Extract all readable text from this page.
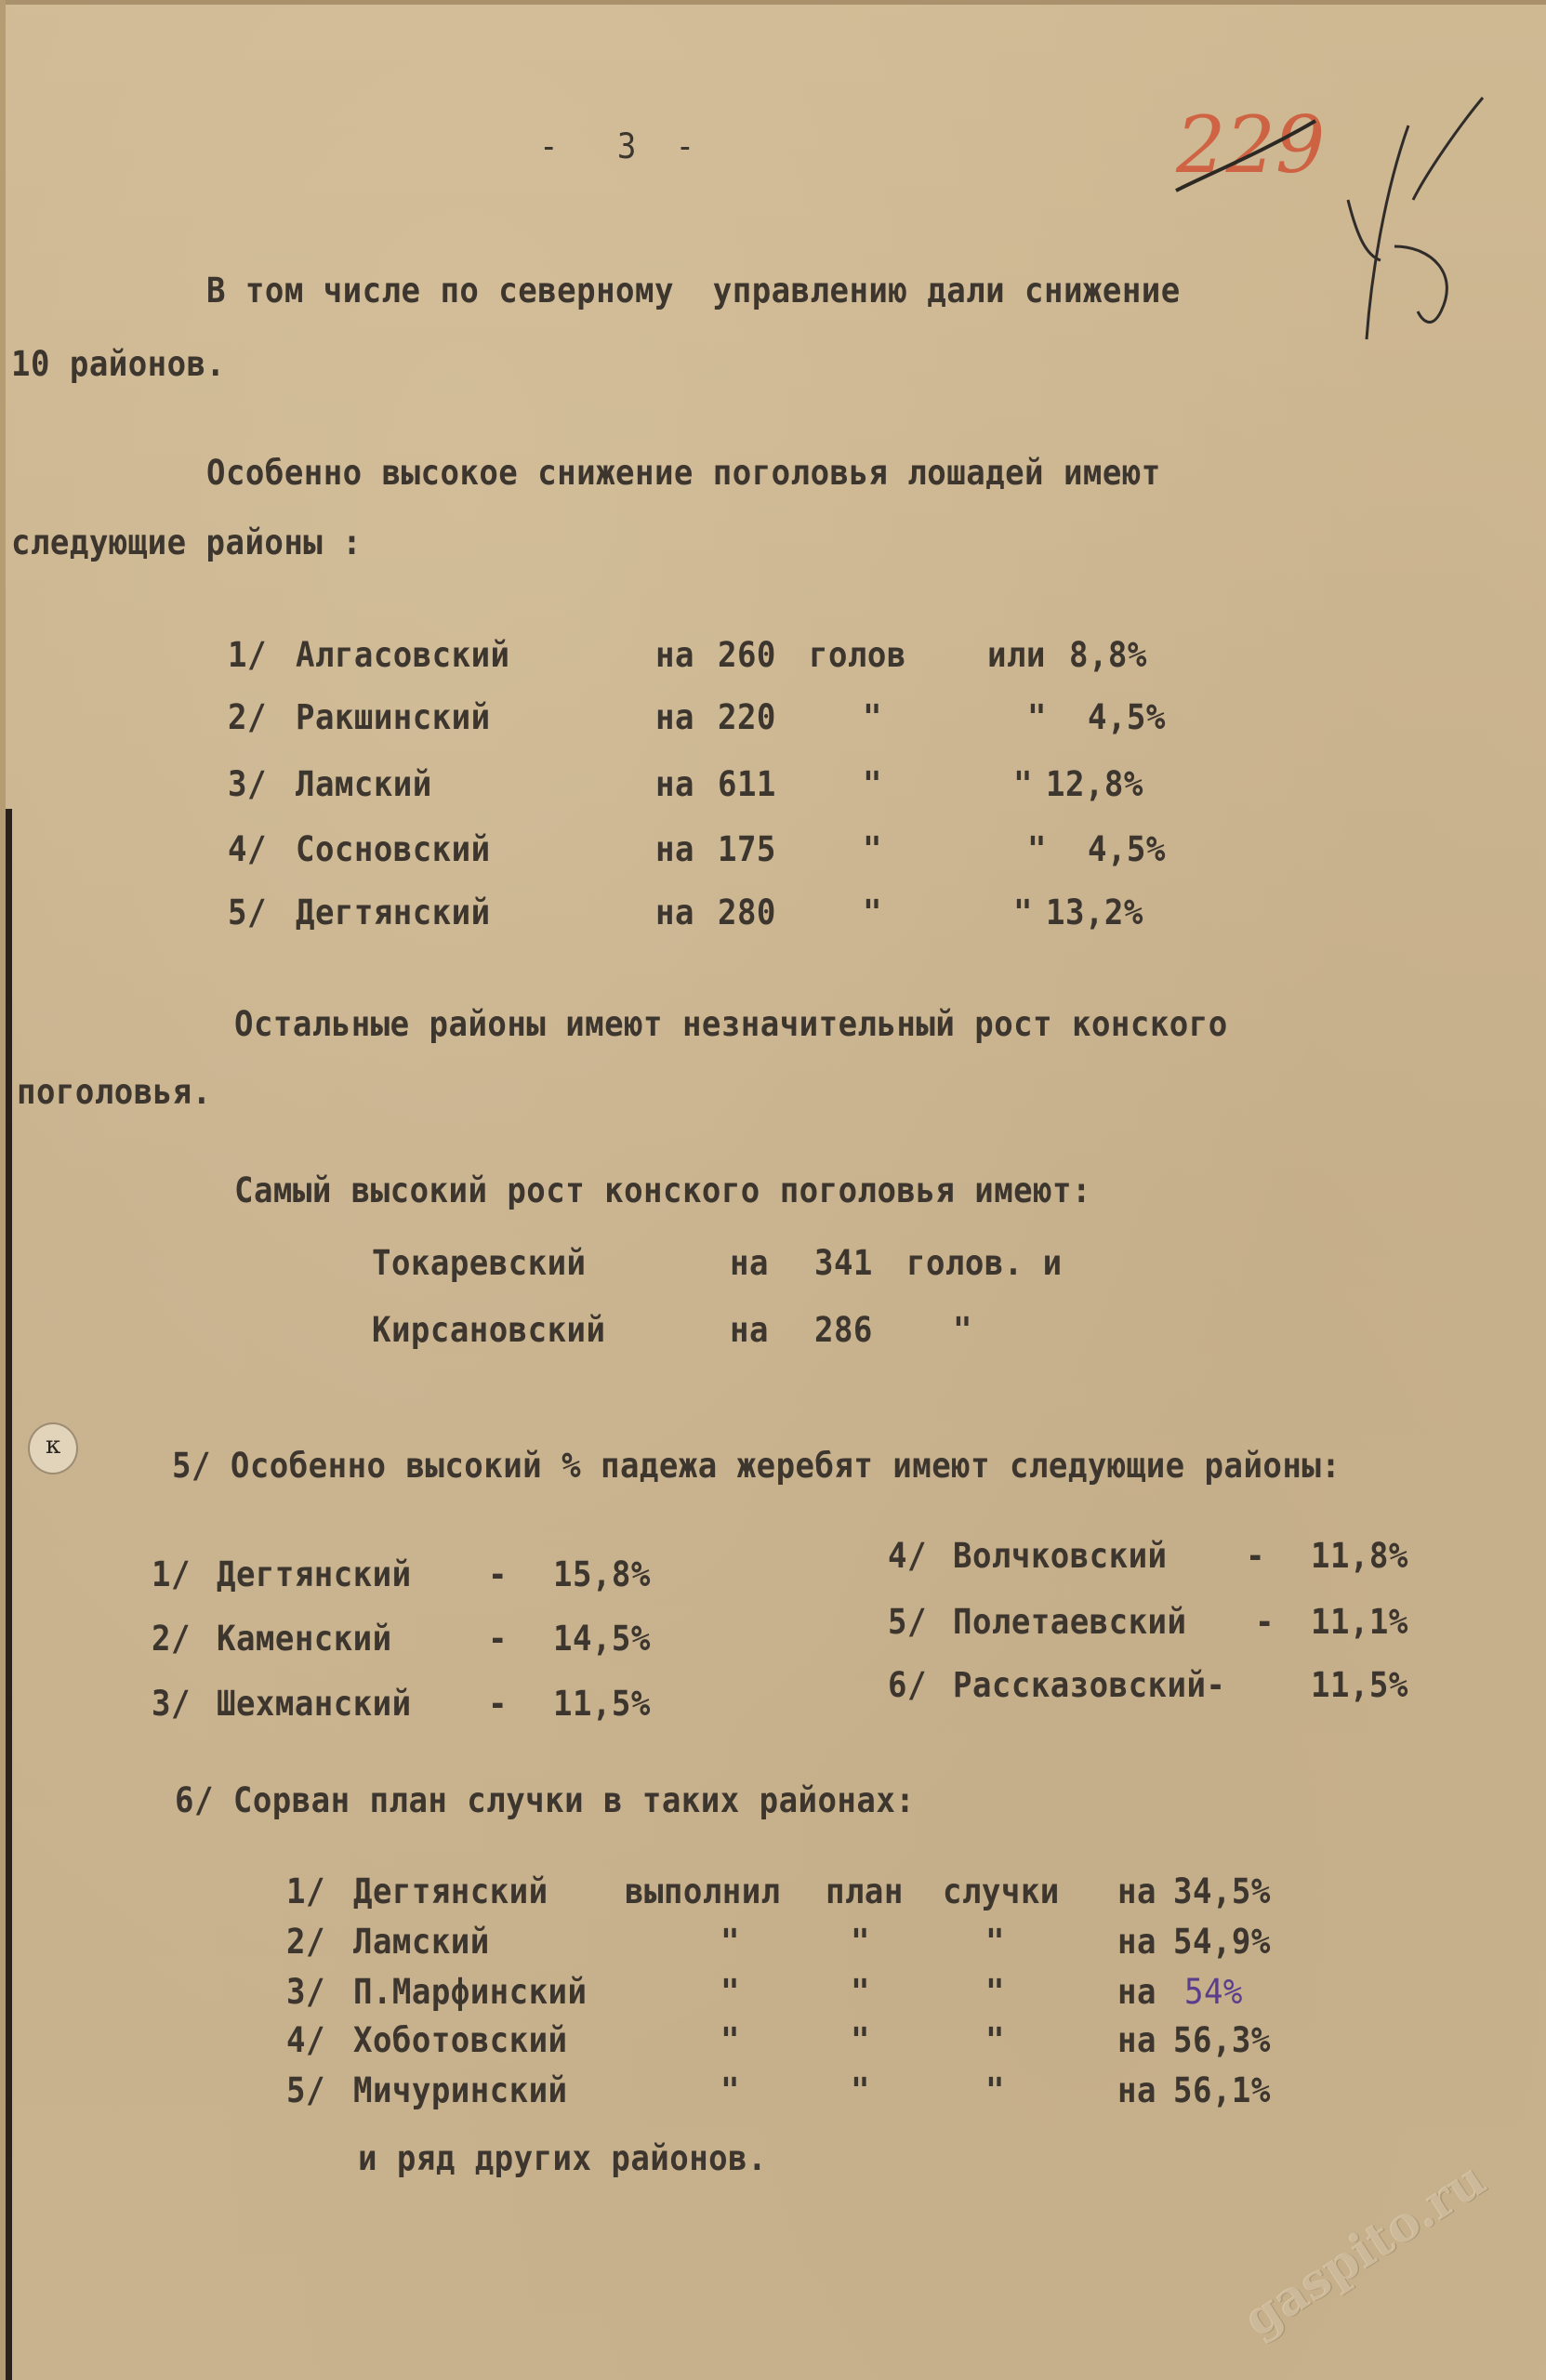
-   3  -	229
75
к
В том числе по северному  управлению дали снижение
10 районов.
Особенно высокое снижение поголовья лошадей имеют
следующие районы :
1/ Алгасовский	на 260 голов или 8,8%
2/ Ракшинский	на 220	"	" 4,5%
3/ Ламский	на 611	"	" 12,8%
4/ Сосновский	на 175	"	" 4,5%
5/ Дегтянский	на 280	"	" 13,2%
Остальные районы имеют незначительный рост конского
поголовья.
Самый высокий рост конского поголовья имеют:
Токаревский	на 341 голов. и
Кирсановский	на 286 "
5/ Особенно высокий % падежа жеребят имеют следующие районы:
1/ Дегтянский - 15,8%
2/ Каменский	- 14,5%
3/ Шехманский - 11,5%
4/ Волчковский - 11,8%
5/ Полетаевский - 11,1%
6/ Рассказовский- 11,5%
6/ Сорван план случки в таких районах:
1/ Дегтянский выполнил план случки на 34,5%
2/ Ламский	"	"	"	на 54,9%
3/ П.Марфинский	"	"	"	на 54%
4/ Хоботовский	"	"	"	на 56,3%
5/ Мичуринский	"	"	"	на 56,1%
и ряд других районов.	gaspito.ru
